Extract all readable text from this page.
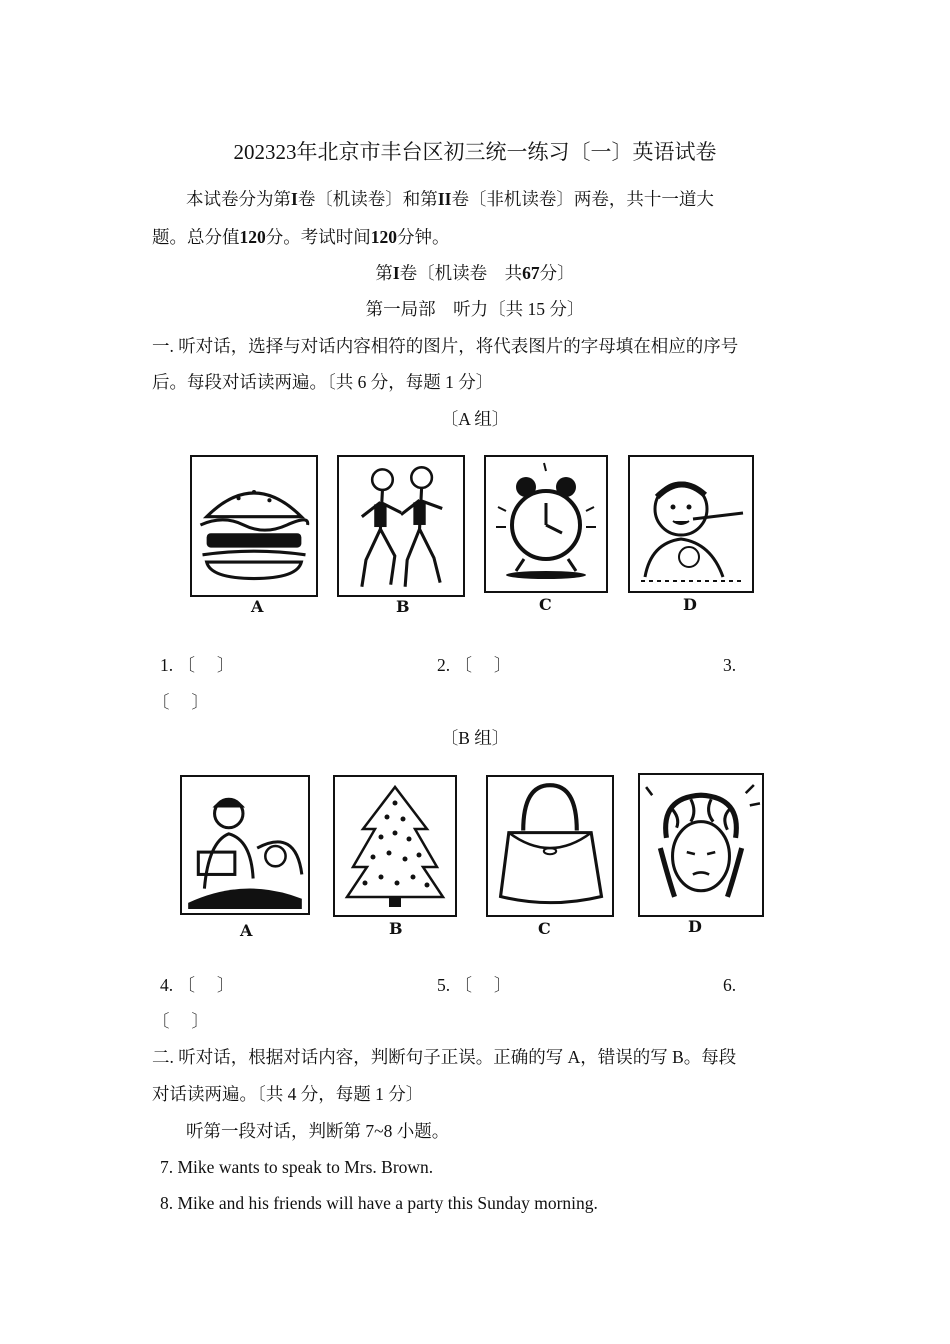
202323年北京市丰台区初三统一练习〔一〕英语试卷
本试卷分为第I卷〔机读卷〕和第II卷〔非机读卷〕两卷，共十一道大
题。总分值120分。考试时间120分钟。
第I卷〔机读卷　共67分〕
第一局部　听力〔共 15 分〕
一. 听对话，选择与对话内容相符的图片，将代表图片的字母填在相应的序号
后。每段对话读两遍。〔共 6 分，每题 1 分〕
〔A 组〕
A	B	C	D
1. 〔　 〕	2. 〔　 〕	3.
〔　 〕
〔B 组〕
A	B	C	D
4. 〔　 〕	5. 〔　 〕	6.
〔　 〕
二. 听对话，根据对话内容，判断句子正误。正确的写 A，错误的写 B。每段
对话读两遍。〔共 4 分，每题 1 分〕
听第一段对话，判断第 7~8 小题。
7. Mike wants to speak to Mrs. Brown.
8. Mike and his friends will have a party this Sunday morning.
